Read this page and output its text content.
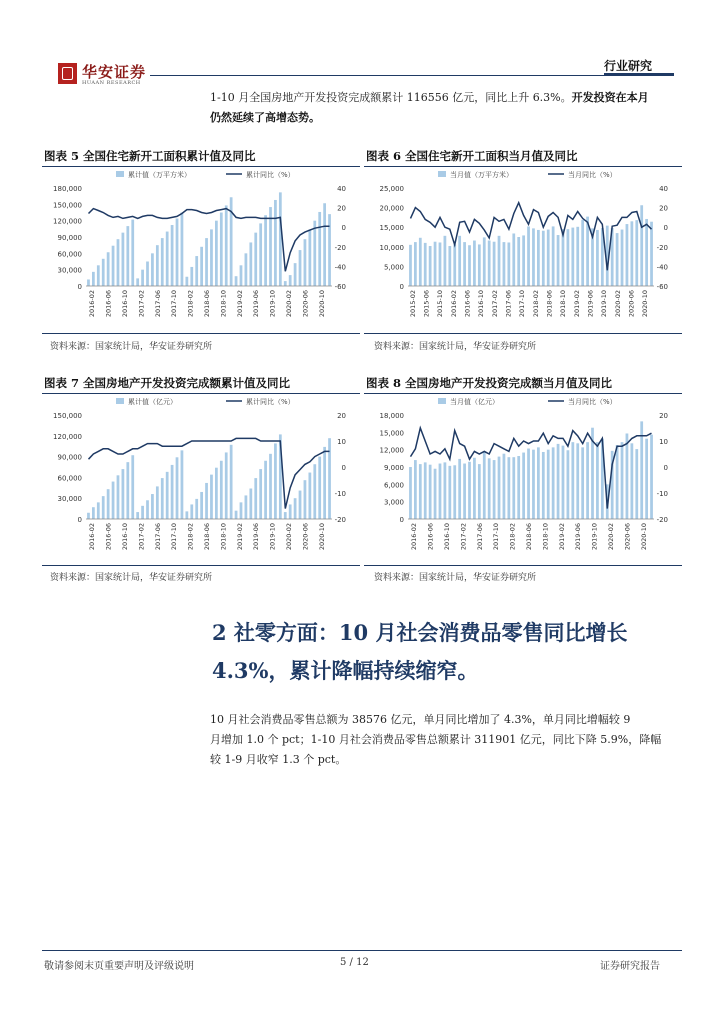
华安证券
HUAAN RESEARCH
行业研究
1-10 月全国房地产开发投资完成额累计 116556 亿元，同比上升 6.3%。开发投资在本月
仍然延续了高增态势。
图表 5 全国住宅新开工面积累计值及同比
累计值（万平方米）	累计同比（%）
180,000
150,000
120,000
90,000
60,000
30,000
0
40
20
0
-20
-40
-60
2016-02 2016-06 2016-10 2017-02 2017-06 2017-10 2018-02 2018-06 2018-10 2019-02 2019-06 2019-10 2020-02 2020-06 2020-10
资料来源：国家统计局，华安证券研究所
图表 6 全国住宅新开工面积当月值及同比
当月值（万平方米）	当月同比（%）
25,000
20,000
15,000
10,000
5,000
0
40
20
0
-20
-40
-60
2015-02 2015-06 2015-10 2016-02 2016-06 2016-10 2017-02 2017-06 2017-10 2018-02 2018-06 2018-10 2019-02 2019-06 2019-10 2020-02 2020-06 2020-10
资料来源：国家统计局，华安证券研究所
图表 7 全国房地产开发投资完成额累计值及同比
累计值（亿元）	累计同比（%）
150,000
120,000
90,000
60,000
30,000
0
20
10
0
-10
-20
2016-02 2016-06 2016-10 2017-02 2017-06 2017-10 2018-02 2018-06 2018-10 2019-02 2019-06 2019-10 2020-02 2020-06 2020-10
资料来源：国家统计局，华安证券研究所
图表 8 全国房地产开发投资完成额当月值及同比
当月值（亿元）	当月同比（%）
18,000
15,000
12,000
9,000
6,000
3,000
0
20
10
0
-10
-20
2016-02 2016-06 2016-10 2017-02 2017-06 2017-10 2018-02 2018-06 2018-10 2019-02 2019-06 2019-10 2020-02 2020-06 2020-10
资料来源：国家统计局，华安证券研究所
2 社零方面：10 月社会消费品零售同比增长 4.3%，累计降幅持续缩窄。
10 月社会消费品零售总额为 38576 亿元，单月同比增加了 4.3%，单月同比增幅较 9
月增加 1.0 个 pct；1-10 月社会消费品零售总额累计 311901 亿元，同比下降 5.9%，降幅
较 1-9 月收窄 1.3 个 pct。
敬请参阅末页重要声明及评级说明	5 / 12	证券研究报告
